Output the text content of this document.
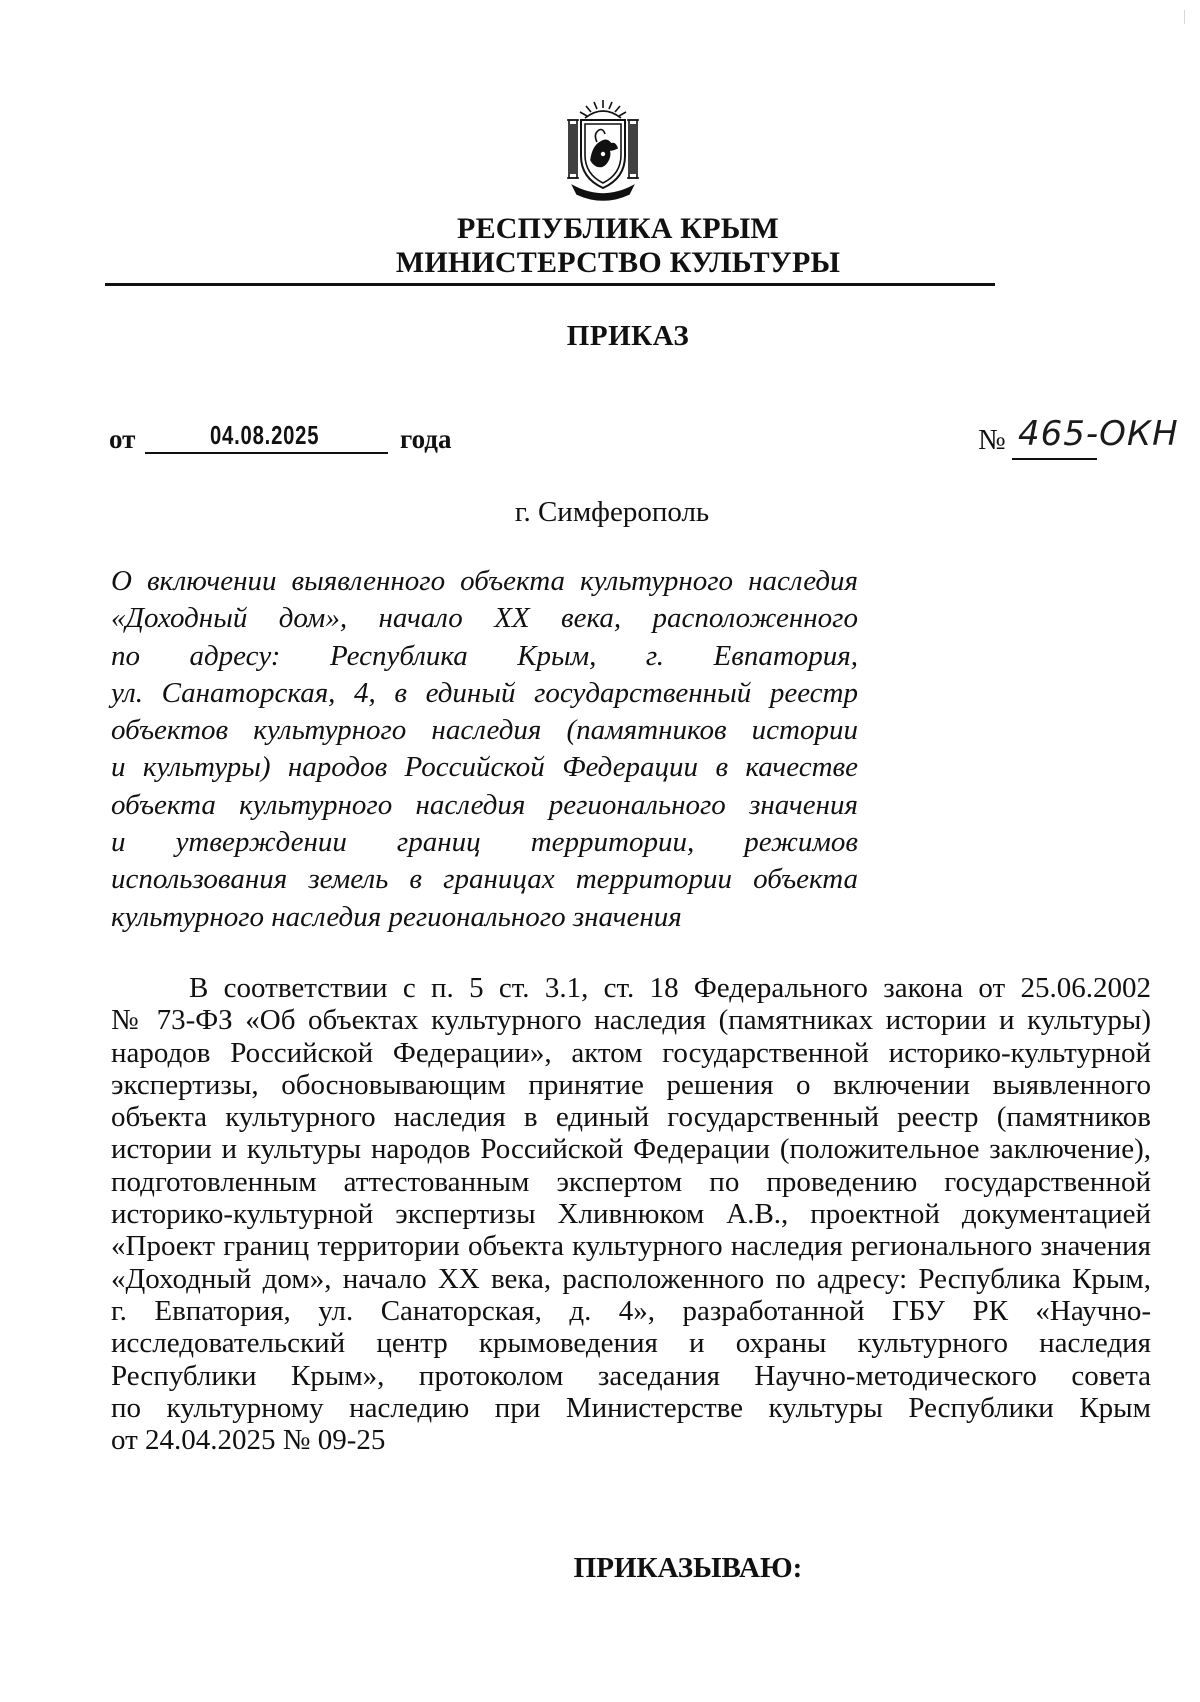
РЕСПУБЛИКА КРЫМ
МИНИСТЕРСТВО КУЛЬТУРЫ
ПРИКАЗ
от	04.08.2025	года	№ 465-ОКН
г. Симферополь
О включении выявленного объекта культурного наследия
«Доходный дом», начало XX века, расположенного
по адресу: Республика Крым, г. Евпатория,
ул. Санаторская, 4, в единый государственный реестр
объектов культурного наследия (памятников истории
и культуры) народов Российской Федерации в качестве
объекта культурного наследия регионального значения
и утверждении границ территории, режимов
использования земель в границах территории объекта
культурного наследия регионального значения
В соответствии с п. 5 ст. 3.1, ст. 18 Федерального закона от 25.06.2002
№ 73-ФЗ «Об объектах культурного наследия (памятниках истории и культуры)
народов Российской Федерации», актом государственной историко-культурной
экспертизы, обосновывающим принятие решения о включении выявленного
объекта культурного наследия в единый государственный реестр (памятников
истории и культуры народов Российской Федерации (положительное заключение),
подготовленным аттестованным экспертом по проведению государственной
историко-культурной экспертизы Хливнюком А.В., проектной документацией
«Проект границ территории объекта культурного наследия регионального значения
«Доходный дом», начало XX века, расположенного по адресу: Республика Крым,
г. Евпатория, ул. Санаторская, д. 4», разработанной ГБУ РК «Научно-
исследовательский центр крымоведения и охраны культурного наследия
Республики Крым», протоколом заседания Научно-методического совета
по культурному наследию при Министерстве культуры Республики Крым
от 24.04.2025 № 09-25
ПРИКАЗЫВАЮ:
